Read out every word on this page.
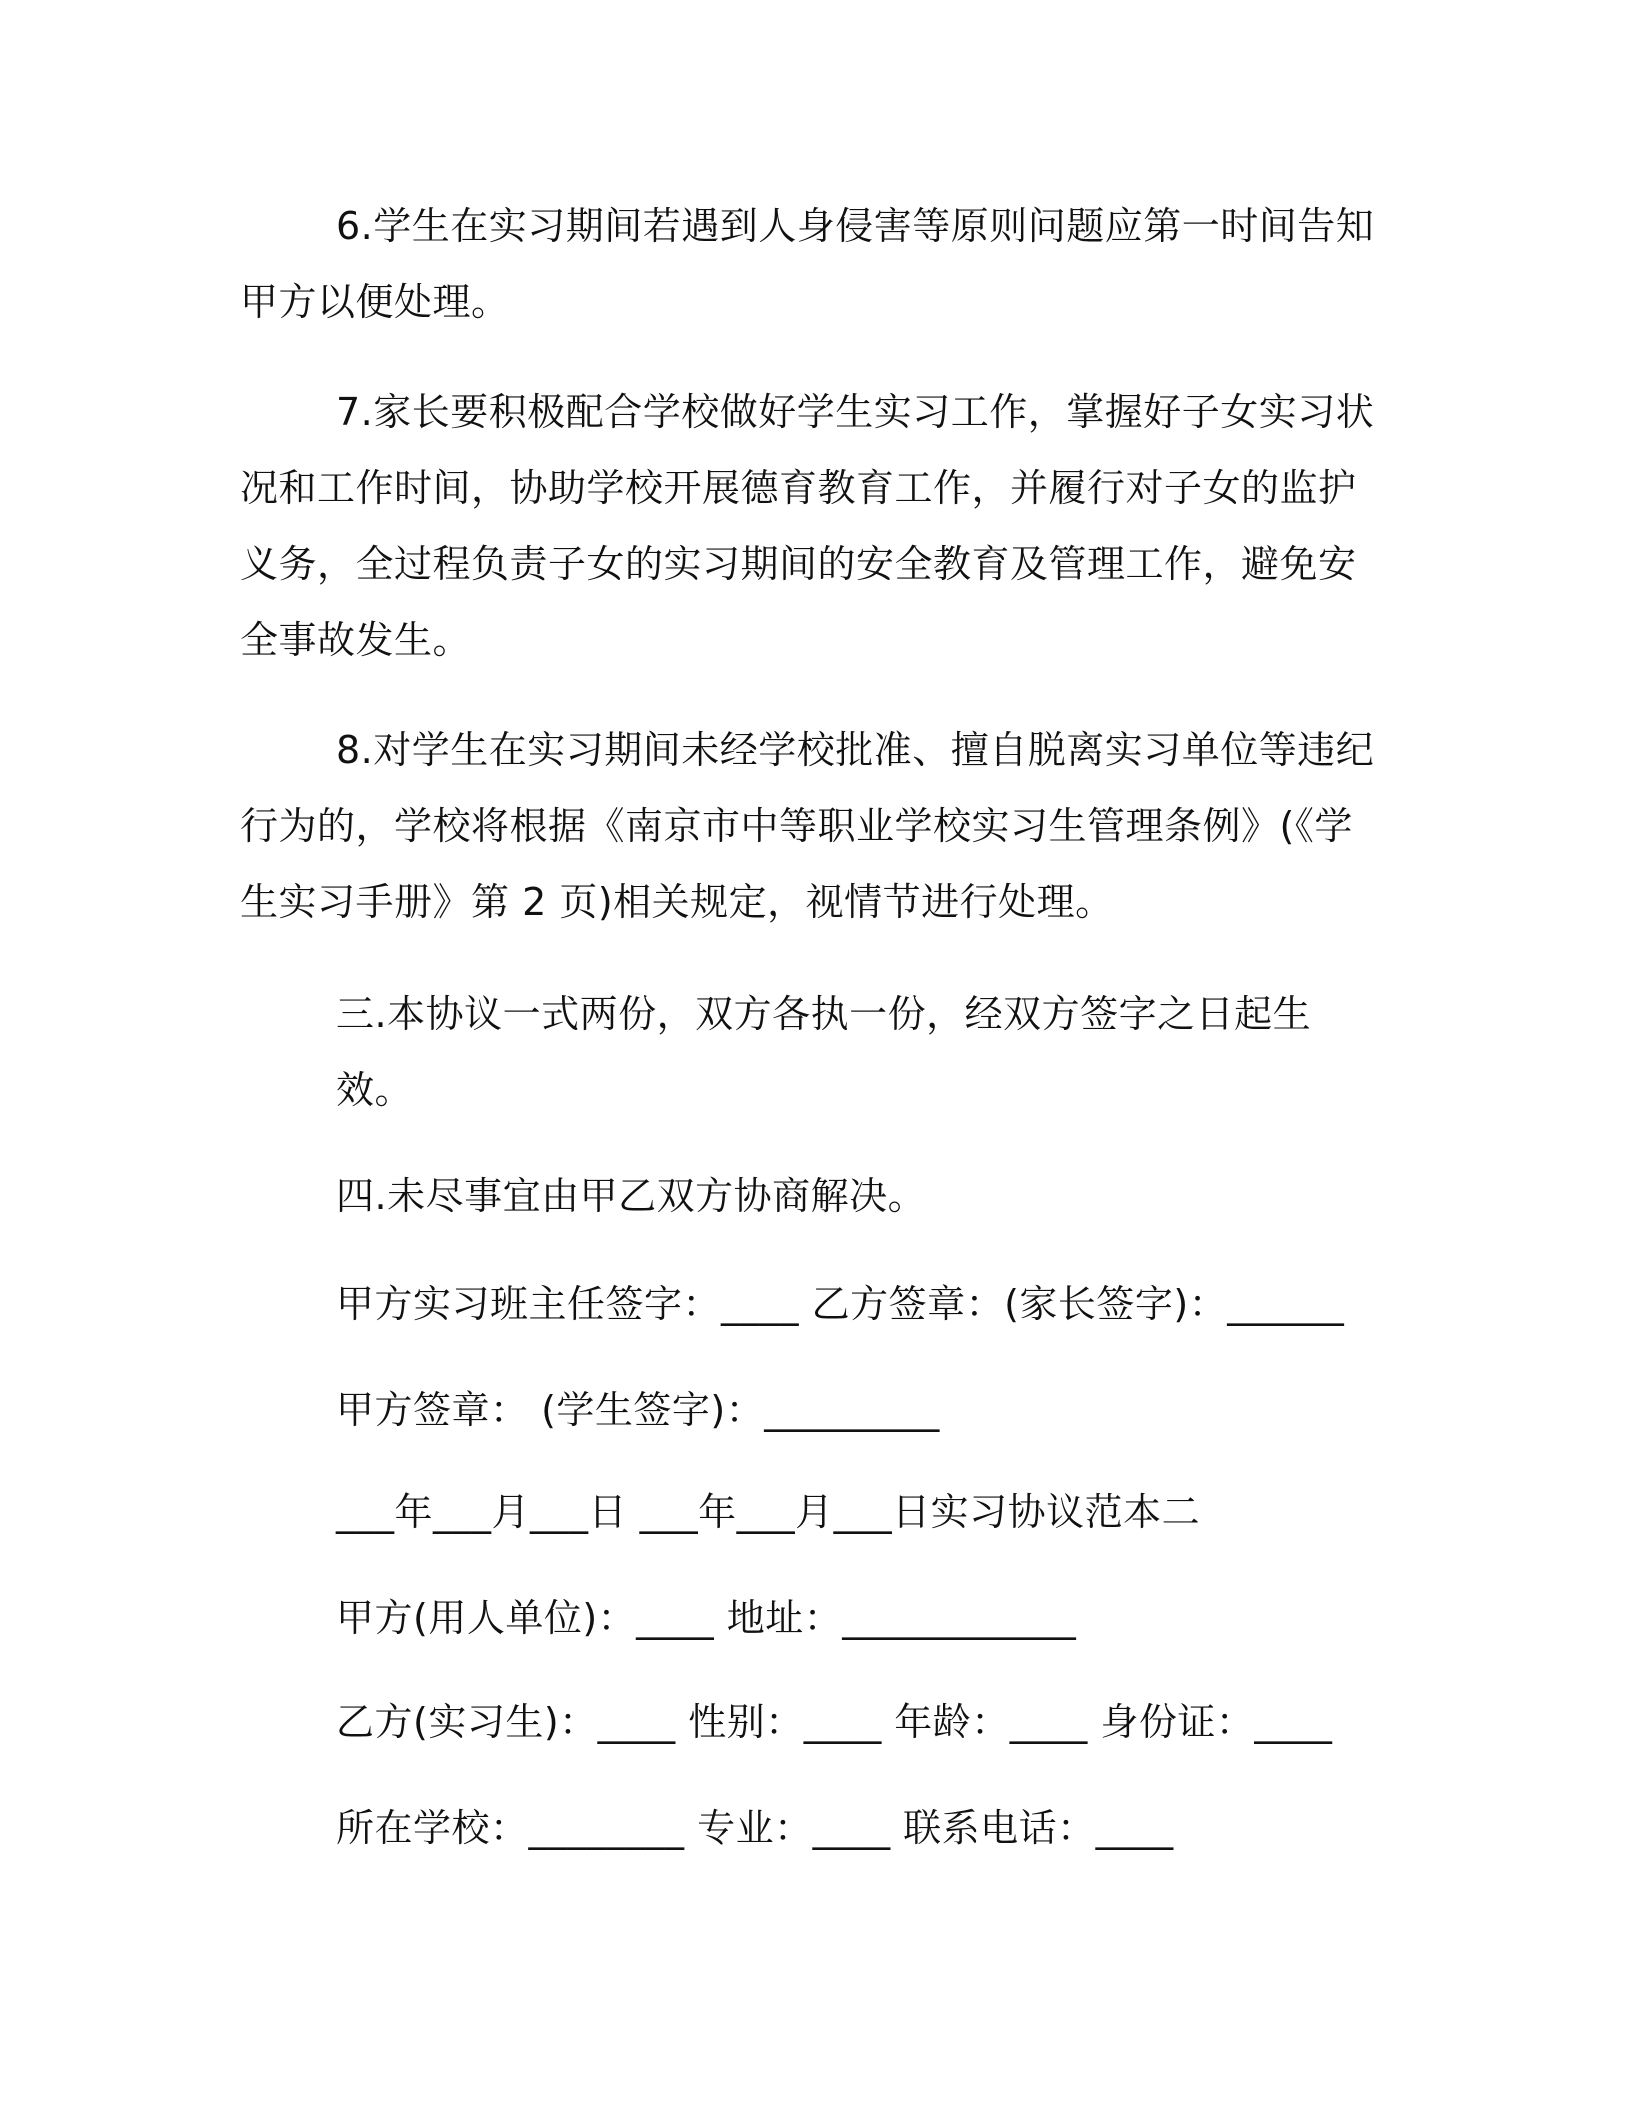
6.学生在实习期间若遇到人身侵害等原则问题应第一时间告知甲方以便处理。

7.家长要积极配合学校做好学生实习工作，掌握好子女实习状况和工作时间，协助学校开展德育教育工作，并履行对子女的监护义务，全过程负责子女的实习期间的安全教育及管理工作，避免安全事故发生。

8.对学生在实习期间未经学校批准、擅自脱离实习单位等违纪行为的，学校将根据《南京市中等职业学校实习生管理条例》(《学生实习手册》第 2 页)相关规定，视情节进行处理。

三.本协议一式两份，双方各执一份，经双方签字之日起生效。

四.未尽事宜由甲乙双方协商解决。

甲方实习班主任签字：____ 乙方签章：(家长签字)：______

甲方签章： (学生签字)：_________

___年___月___日 ___年___月___日实习协议范本二

甲方(用人单位)：____ 地址：____________

乙方(实习生)：____ 性别：____ 年龄：____ 身份证：____

所在学校：________ 专业：____ 联系电话：____
